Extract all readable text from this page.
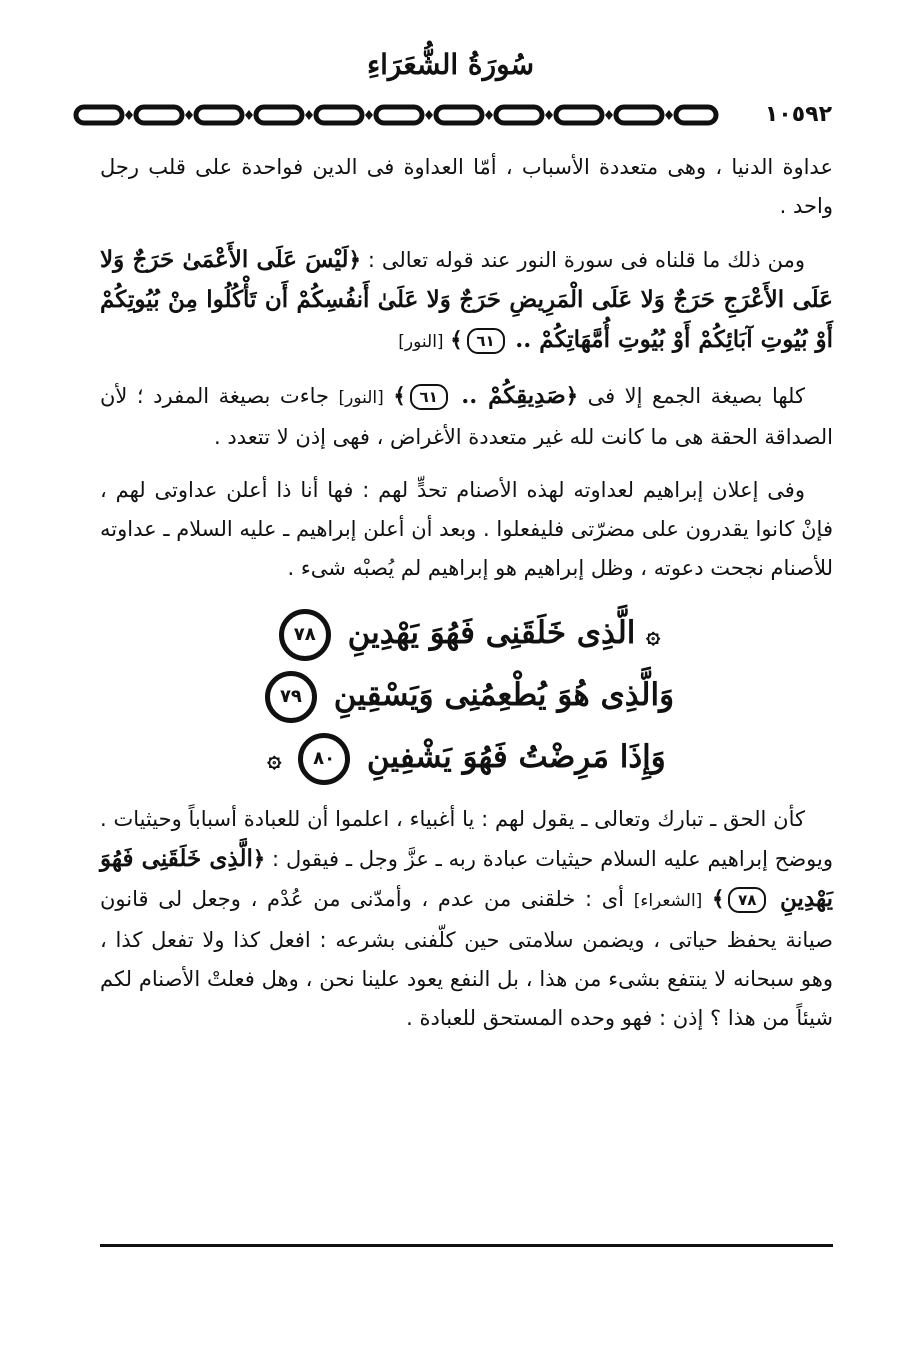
سُورَةُ الشُّعَرَاءِ
١٠٥٩٢

عداوة الدنيا ، وهى متعددة الأسباب ، أمّا العداوة فى الدين فواحدة على قلب رجل واحد .

ومن ذلك ما قلناه فى سورة النور عند قوله تعالى : ﴿لَيْسَ عَلَى الأَعْمَىٰ حَرَجٌ وَلا عَلَى الأَعْرَجِ حَرَجٌ وَلا عَلَى الْمَرِيضِ حَرَجٌ وَلا عَلَىٰ أَنفُسِكُمْ أَن تَأْكُلُوا مِنْ بُيُوتِكُمْ أَوْ بُيُوتِ آبَائِكُمْ أَوْ بُيُوتِ أُمَّهَاتِكُمْ .. ٦١﴾ [النور]

كلها بصيغة الجمع إلا فى ﴿صَدِيقِكُمْ .. ٦١﴾ [النور] جاءت بصيغة المفرد ؛ لأن الصداقة الحقة هى ما كانت لله غير متعددة الأغراض ، فهى إذن لا تتعدد .

وفى إعلان إبراهيم لعداوته لهذه الأصنام تحدٍّ لهم : فها أنا ذا أعلن عداوتى لهم ، فإنْ كانوا يقدرون على مضرّتى فليفعلوا . وبعد أن أعلن إبراهيم ـ عليه السلام ـ عداوته للأصنام نجحت دعوته ، وظل إبراهيم هو إبراهيم لم يُصبْه شىء .

۞ الَّذِى خَلَقَنِى فَهُوَ يَهْدِينِ ٧٨
وَالَّذِى هُوَ يُطْعِمُنِى وَيَسْقِينِ ٧٩
وَإِذَا مَرِضْتُ فَهُوَ يَشْفِينِ ٨٠ ۞

كأن الحق ـ تبارك وتعالى ـ يقول لهم : يا أغبياء ، اعلموا أن للعبادة أسباباً وحيثيات . ويوضح إبراهيم عليه السلام حيثيات عبادة ربه ـ عزَّ وجل ـ فيقول : ﴿الَّذِى خَلَقَنِى فَهُوَ يَهْدِينِ ٧٨﴾ [الشعراء] أى : خلقنى من عدم ، وأمدّنى من عُدْم ، وجعل لى قانون صيانة يحفظ حياتى ، ويضمن سلامتى حين كلّفنى بشرعه : افعل كذا ولا تفعل كذا ، وهو سبحانه لا ينتفع بشىء من هذا ، بل النفع يعود علينا نحن ، وهل فعلتْ الأصنام لكم شيئاً من هذا ؟ إذن : فهو وحده المستحق للعبادة .
